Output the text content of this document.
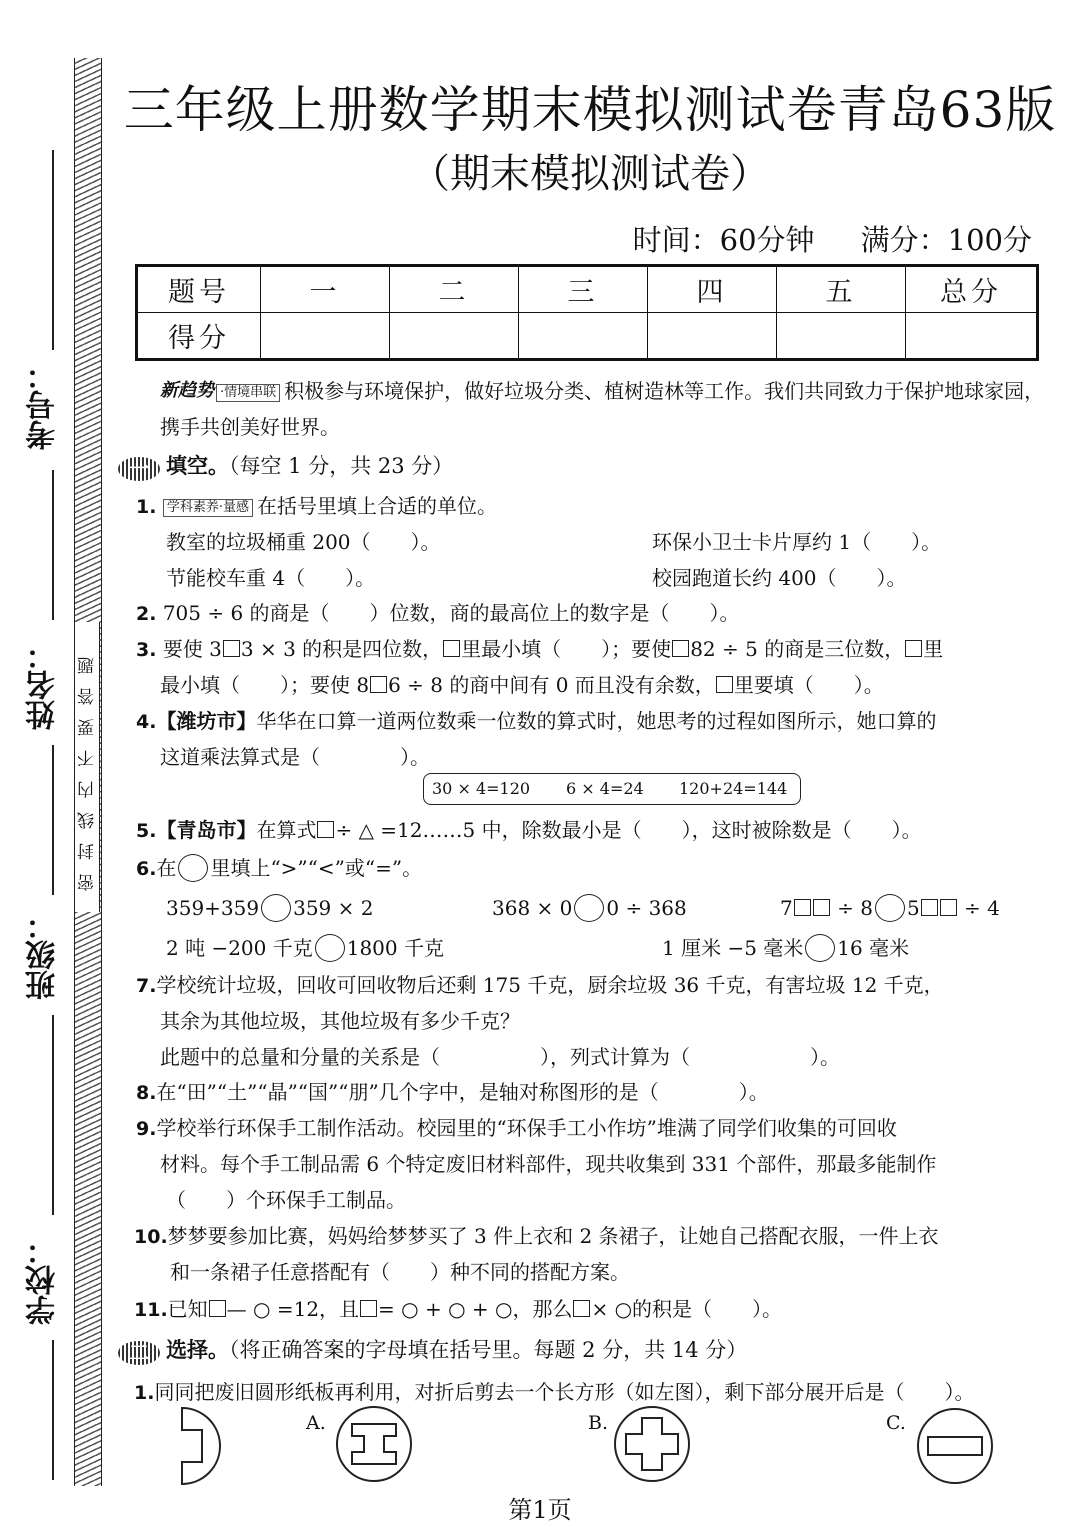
密封线内不要答题
考号：
姓名：
班级：
学校：
三年级上册数学期末模拟测试卷青岛63版
（期末模拟测试卷）
时间：60分钟 满分：100分
题号	一	二	三	四	五	总分
得分						
新趋势 ·情境串联 积极参与环境保护，做好垃圾分类、植树造林等工作。我们共同致力于保护地球家园，携手共创美好世界。
一 填空。（每空 1 分，共 23 分）
1. 学科素养·量感 在括号里填上合适的单位。
教室的垃圾桶重 200（　　）。	环保小卫士卡片厚约 1（　　）。
节能校车重 4（　　）。	校园跑道长约 400（　　）。
2. 705 ÷ 6 的商是（　　）位数，商的最高位上的数字是（　　）。
3. 要使 3 3 × 3 的积是四位数， 里最小填（　　）；要使 82 ÷ 5 的商是三位数， 里
最小填（　　）；要使 8 6 ÷ 8 的商中间有 0 而且没有余数， 里要填（　　）。
4.【潍坊市】华华在口算一道两位数乘一位数的算式时，她思考的过程如图所示，她口算的
这道乘法算式是（　　　　）。
30 × 4=120 6 × 4=24 120+24=144
5.【青岛市】在算式 ÷ △ =12……5 中，除数最小是（　　），这时被除数是（　　）。
6.在 里填上“>”“<”或“=”。
359+359 359 × 2	368 × 0 0 ÷ 368	7 ÷ 8 5 ÷ 4
2 吨 −200 千克 1800 千克	1 厘米 −5 毫米 16 毫米
7.学校统计垃圾，回收可回收物后还剩 175 千克，厨余垃圾 36 千克，有害垃圾 12 千克，
其余为其他垃圾，其他垃圾有多少千克？
此题中的总量和分量的关系是（　　　　　），列式计算为（　　　　　　）。
8.在“田”“土”“晶”“国”“朋”几个字中，是轴对称图形的是（　　　　）。
9.学校举行环保手工制作活动。校园里的“环保手工小作坊”堆满了同学们收集的可回收
材料。每个手工制品需 6 个特定废旧材料部件，现共收集到 331 个部件，那最多能制作
（　　）个环保手工制品。
10.梦梦要参加比赛，妈妈给梦梦买了 3 件上衣和 2 条裙子，让她自己搭配衣服，一件上衣
和一条裙子任意搭配有（　　）种不同的搭配方案。
11.已知 — ○ =12，且 = ○ + ○ + ○，那么 × ○的积是（　　）。
二 选择。（将正确答案的字母填在括号里。每题 2 分，共 14 分）
1.同同把废旧圆形纸板再利用，对折后剪去一个长方形（如左图），剩下部分展开后是（　　）。
A.	B.	C.
第1页
